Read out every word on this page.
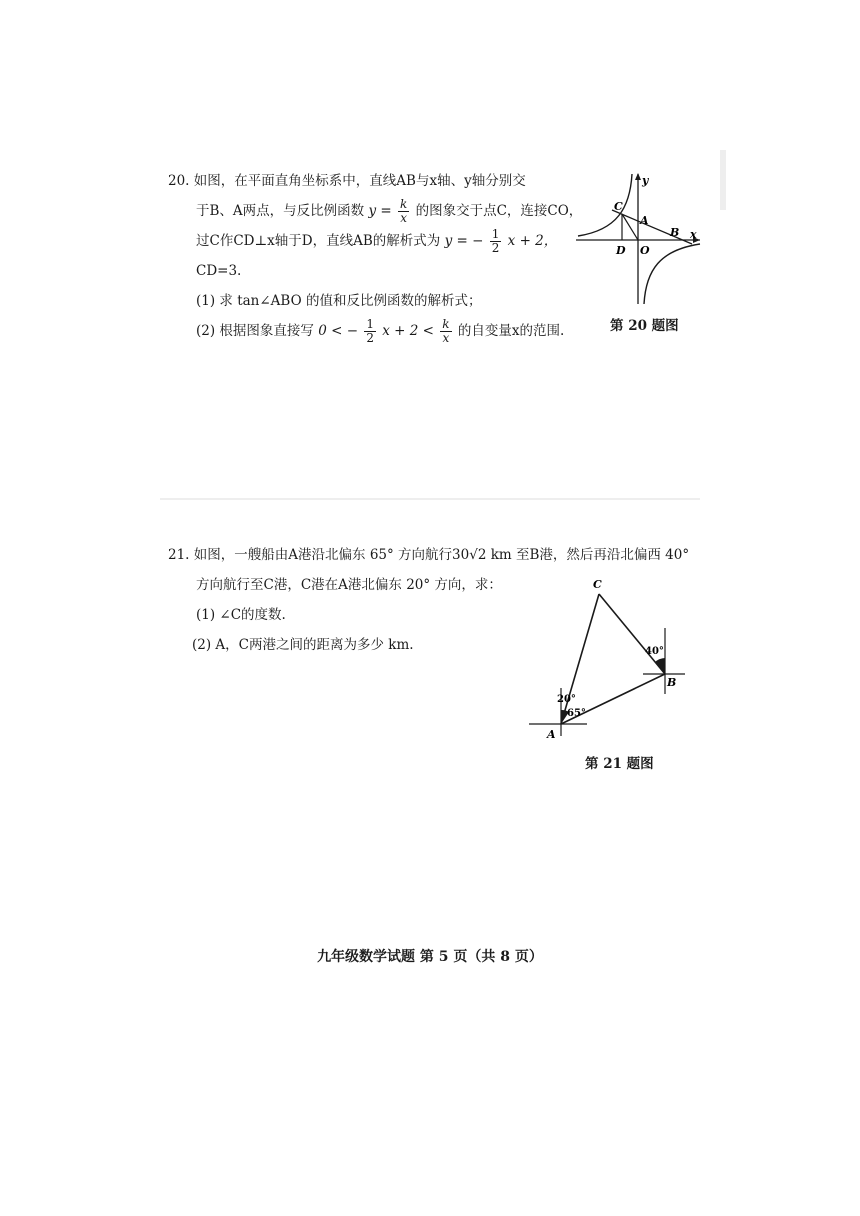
20. 如图，在平面直角坐标系中，直线AB与x轴、y轴分别交
于B、A两点，与反比例函数 $y = \frac{k}{x}$ 的图象交于点C，连接CO，
过C作CD⊥x轴于D，直线AB的解析式为 y = − $\frac{1}{2}$ x + 2，
CD=3.
(1) 求 tan∠ABO 的值和反比例函数的解析式；
(2) 根据图象直接写 0 < − $\frac{1}{2}$ $x + 2 < \frac{k}{x}$ 的自变量x的范围.
y
x
C
A
B
D O
第 20 题图
21. 如图，一艘船由A港沿北偏东 65° 方向航行30√2 km 至B港，然后再沿北偏西 40°
方向航行至C港，C港在A港北偏东 20° 方向，求：
(1) ∠C的度数.
(2) A，C两港之间的距离为多少 km.
C
A
B
20°
65°
40°
第 21 题图
九年级数学试题 第 5 页（共 8 页）
